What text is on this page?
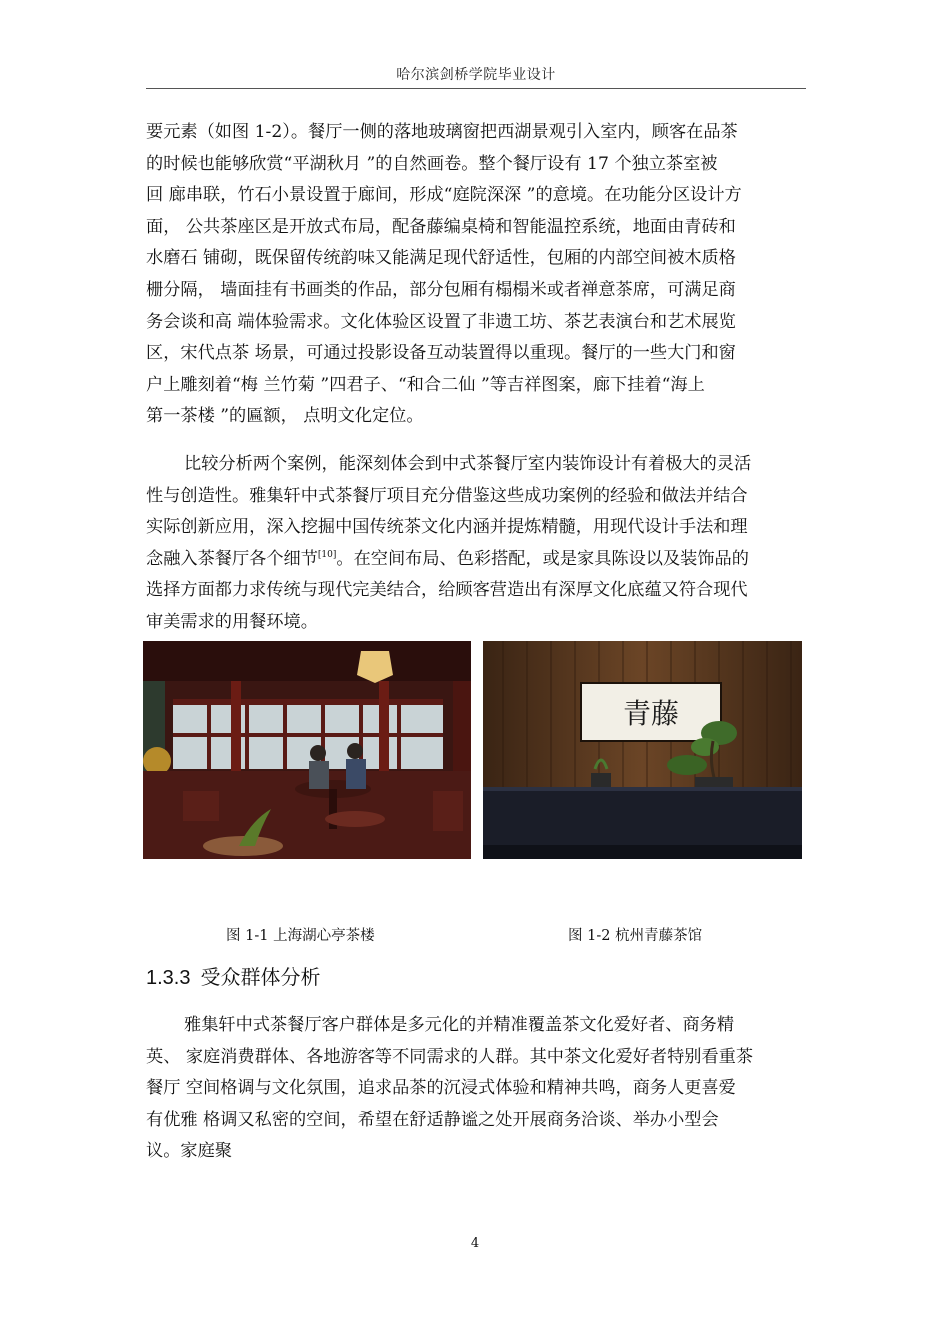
哈尔滨剑桥学院毕业设计
要元素（如图 1-2）。餐厅一侧的落地玻璃窗把西湖景观引入室内，顾客在品茶
的时候也能够欣赏“平湖秋月 ”的自然画卷。整个餐厅设有 17 个独立茶室被
回 廊串联，竹石小景设置于廊间，形成“庭院深深 ”的意境。在功能分区设计方
面， 公共茶座区是开放式布局，配备藤编桌椅和智能温控系统，地面由青砖和
水磨石 铺砌，既保留传统韵味又能满足现代舒适性，包厢的内部空间被木质格
栅分隔， 墙面挂有书画类的作品，部分包厢有榻榻米或者禅意茶席，可满足商
务会谈和高 端体验需求。文化体验区设置了非遗工坊、茶艺表演台和艺术展览
区，宋代点茶 场景，可通过投影设备互动装置得以重现。餐厅的一些大门和窗
户上雕刻着“梅 兰竹菊 ”四君子、“和合二仙 ”等吉祥图案，廊下挂着“海上
第一茶楼 ”的匾额， 点明文化定位。
比较分析两个案例，能深刻体会到中式茶餐厅室内装饰设计有着极大的灵活
性与创造性。雅集轩中式茶餐厅项目充分借鉴这些成功案例的经验和做法并结合
实际创新应用，深入挖掘中国传统茶文化内涵并提炼精髓，用现代设计手法和理
念融入茶餐厅各个细节[10]。在空间布局、色彩搭配，或是家具陈设以及装饰品的
选择方面都力求传统与现代完美结合，给顾客营造出有深厚文化底蕴又符合现代
审美需求的用餐环境。
青藤
图 1-1 上海湖心亭茶楼	图 1-2 杭州青藤茶馆
1.3.3 受众群体分析
雅集轩中式茶餐厅客户群体是多元化的并精准覆盖茶文化爱好者、商务精
英、 家庭消费群体、各地游客等不同需求的人群。其中茶文化爱好者特别看重茶
餐厅 空间格调与文化氛围，追求品茶的沉浸式体验和精神共鸣，商务人更喜爱
有优雅 格调又私密的空间，希望在舒适静谧之处开展商务洽谈、举办小型会
议。家庭聚
4
